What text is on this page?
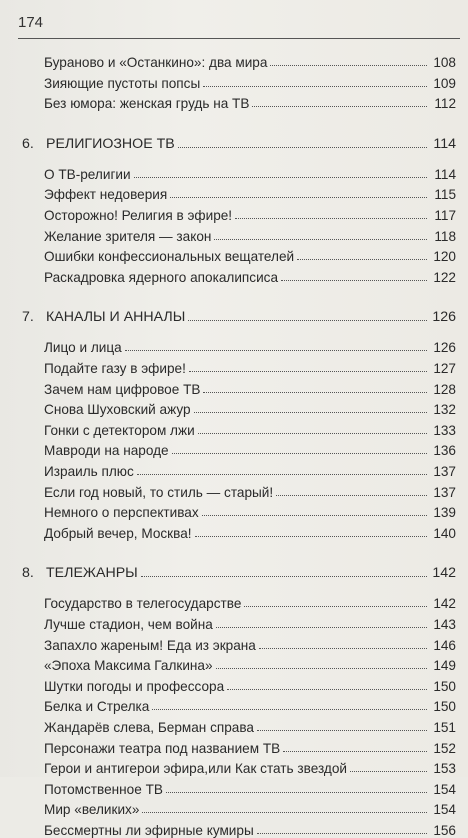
174
Бураново и «Останкино»: два мира	108
Зияющие пустоты попсы	109
Без юмора: женская грудь на ТВ	112
6. РЕЛИГИОЗНОЕ ТВ	114
О ТВ-религии	114
Эффект недоверия	115
Осторожно! Религия в эфире!	117
Желание зрителя — закон	118
Ошибки конфессиональных вещателей	120
Раскадровка ядерного апокалипсиса	122
7. КАНАЛЫ И АННАЛЫ	126
Лицо и лица	126
Подайте газу в эфире!	127
Зачем нам цифровое ТВ	128
Снова Шуховский ажур	132
Гонки с детектором лжи	133
Мавроди на народе	136
Израиль плюс	137
Если год новый, то стиль — старый!	137
Немного о перспективах	139
Добрый вечер, Москва!	140
8. ТЕЛЕЖАНРЫ	142
Государство в телегосударстве	142
Лучше стадион, чем война	143
Запахло жареным! Еда из экрана	146
«Эпоха Максима Галкина»	149
Шутки погоды и профессора	150
Белка и Стрелка	150
Жандарёв слева, Берман справа	151
Персонажи театра под названием ТВ	152
Герои и антигерои эфира,или Как стать звездой	153
Потомственное ТВ	154
Мир «великих»	154
Бессмертны ли эфирные кумиры	156
